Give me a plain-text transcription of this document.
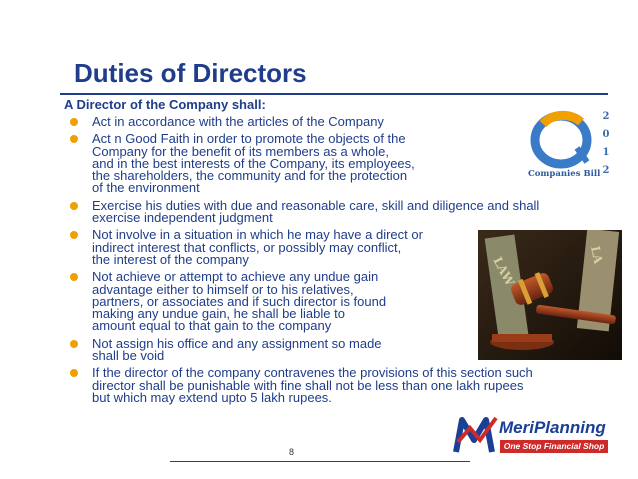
Duties of Directors
A Director of the Company shall:
Act in accordance with the articles of the Company
Act n Good Faith in order to promote the objects of the
Company for the benefit of its members as a whole,
and in the best interests of the Company, its employees,
the shareholders, the community and for the protection
of the environment
Exercise his duties with due and reasonable care, skill and diligence and shall
exercise independent judgment
Not involve in a situation in which he may have a direct or
indirect interest that conflicts, or possibly may conflict,
the interest of the company
Not achieve or attempt to achieve any undue gain
advantage either to himself or to his relatives,
partners, or associates and if such director is found
making any undue gain, he shall be liable to
amount equal to that gain to the company
Not assign his office and any assignment so made
shall be void
If the director of the company contravenes the provisions of this section such
director shall be punishable with fine shall not be less than one lakh rupees
but which may extend upto 5 lakh rupees.
2
0
1
2
Companies Bill
LAW	LA
MeriPlanning
One Stop Financial Shop
8
